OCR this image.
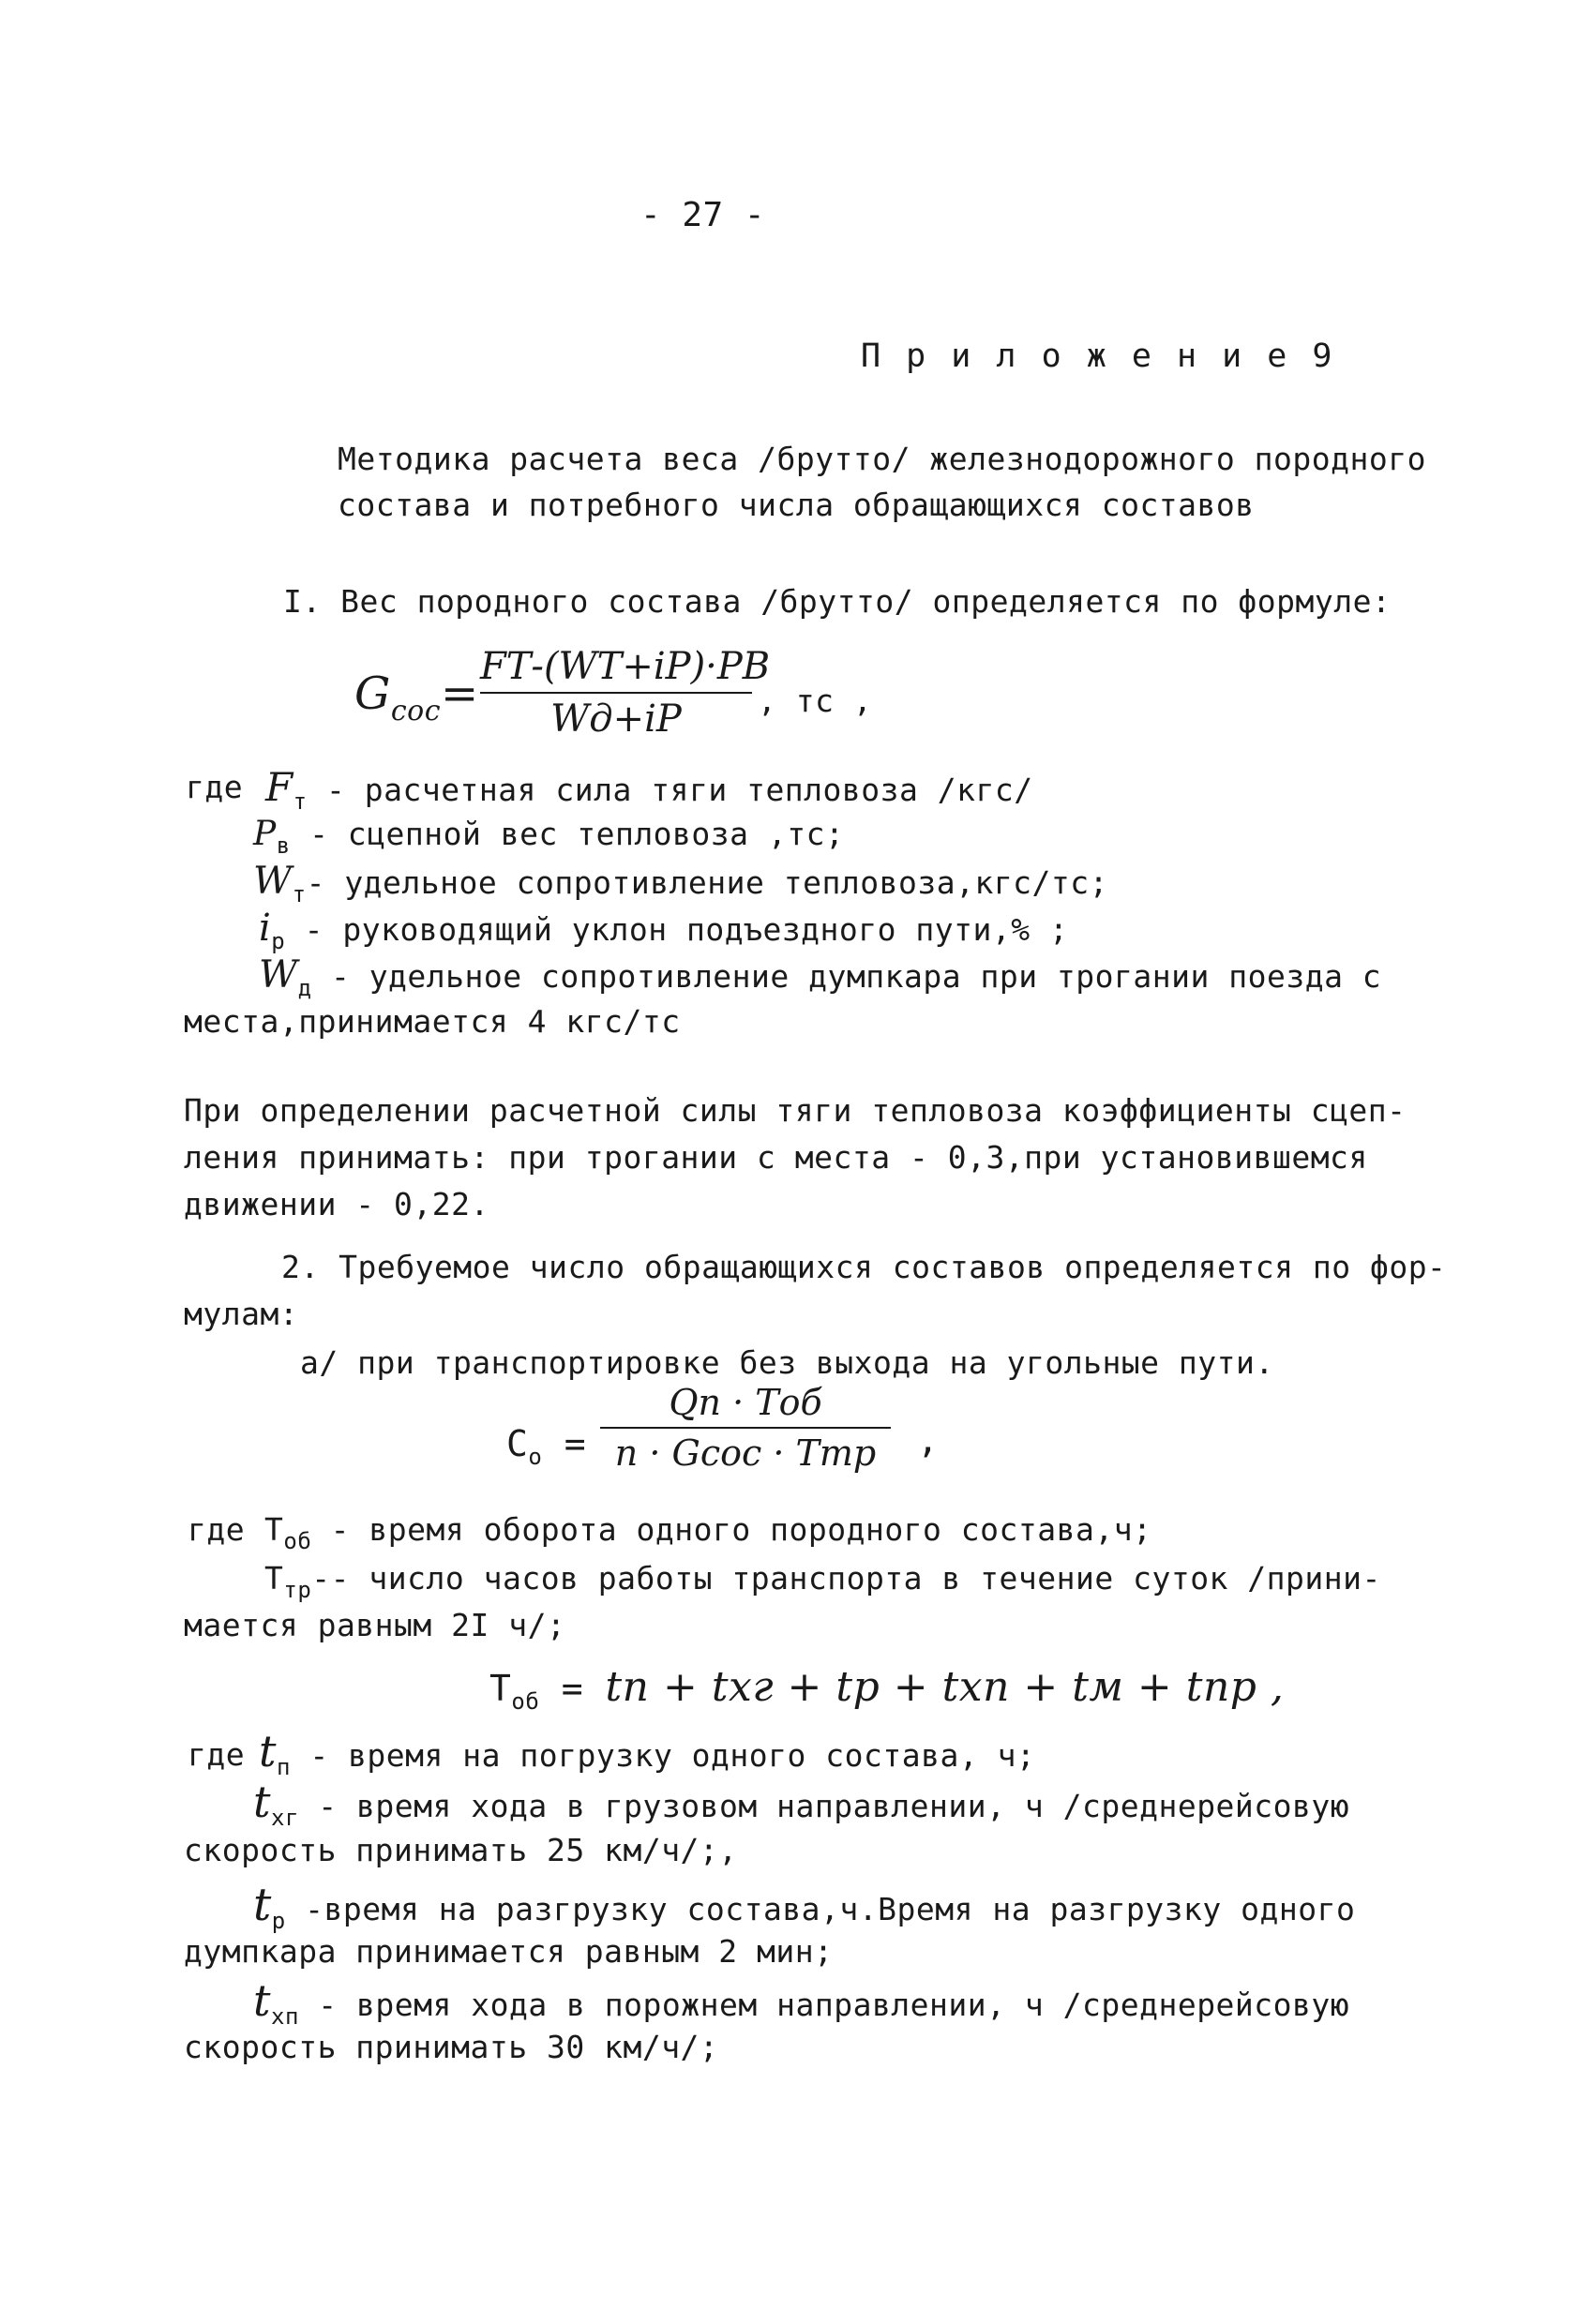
- 27 -
П р и л о ж е н и е 9
Методика расчета веса /брутто/ железнодорожного породного
состава и потребного числа обращающихся составов
I. Вес породного состава /брутто/ определяется по формуле:
$G_{сос}=$
FТ-(WТ+iР)·PВ
Wд+iР	, тс ,
где $F_т$ - расчетная сила тяги тепловоза /кгс/
$P_в$ - сцепной вес тепловоза ,тс;
$W_т-$ удельное сопротивление тепловоза,кгс/тс;
$i_р$ - руководящий уклон подъездного пути,% ;
$W_д$ - удельное сопротивление думпкара при трогании поезда с
места,принимается 4 кгс/тс
При определении расчетной силы тяги тепловоза коэффициенты сцеп-
ления принимать: при трогании с места - 0,3,при установившемся
движении - 0,22.
2. Требуемое число обращающихся составов определяется по фор-
мулам:
а/ при транспортировке без выхода на угольные пути.
$C_о$ =
Qп · Tоб
n · Gсос · Tтр	,
где $T_{об}$ - время оборота одного породного состава,ч;
$T_{тр}--$ число часов работы транспорта в течение суток /прини-
мается равным 2I ч/;
$T_{об}$ = tп + tхг + tр + tхп + tм + tпр ,
где $t_п$ - время на погрузку одного состава, ч;
$t_{хг}$ - время хода в грузовом направлении, ч /среднерейсовую
скорость принимать 25 км/ч/;,
$t_р$ -время на разгрузку состава,ч.Время на разгрузку одного
думпкара принимается равным 2 мин;
$t_{хп}$ - время хода в порожнем направлении, ч /среднерейсовую
скорость принимать 30 км/ч/;
